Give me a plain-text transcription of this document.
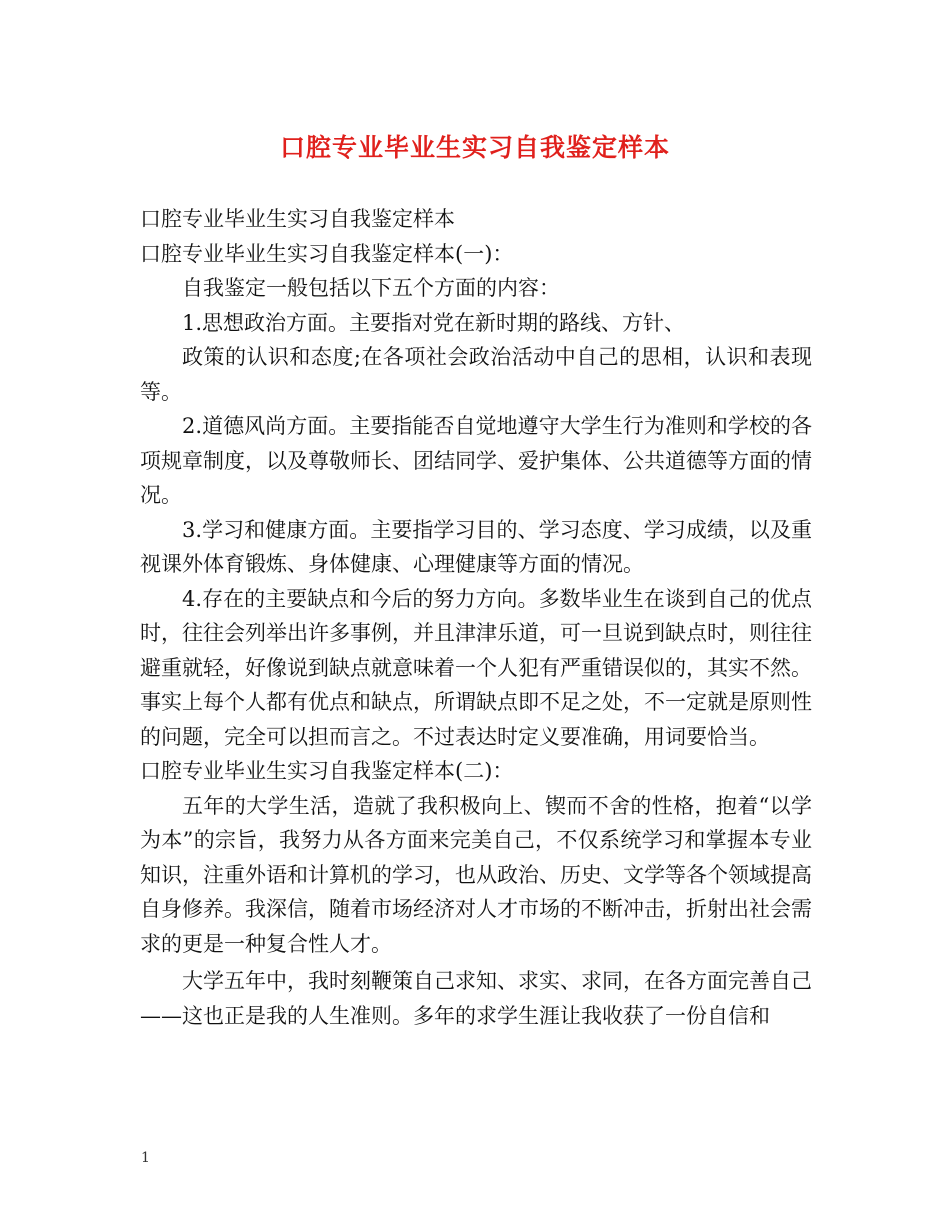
口腔专业毕业生实习自我鉴定样本

口腔专业毕业生实习自我鉴定样本

口腔专业毕业生实习自我鉴定样本(一)：

自我鉴定一般包括以下五个方面的内容：

1.思想政治方面。主要指对党在新时期的路线、方针、

政策的认识和态度;在各项社会政治活动中自己的思相，认识和表现等。

2.道德风尚方面。主要指能否自觉地遵守大学生行为准则和学校的各项规章制度，以及尊敬师长、团结同学、爱护集体、公共道德等方面的情况。

3.学习和健康方面。主要指学习目的、学习态度、学习成绩，以及重视课外体育锻炼、身体健康、心理健康等方面的情况。

4.存在的主要缺点和今后的努力方向。多数毕业生在谈到自己的优点时，往往会列举出许多事例，并且津津乐道，可一旦说到缺点时，则往往避重就轻，好像说到缺点就意味着一个人犯有严重错误似的，其实不然。事实上每个人都有优点和缺点，所谓缺点即不足之处，不一定就是原则性的问题，完全可以担而言之。不过表达时定义要准确，用词要恰当。

口腔专业毕业生实习自我鉴定样本(二)：

五年的大学生活，造就了我积极向上、锲而不舍的性格，抱着“以学为本”的宗旨，我努力从各方面来完美自己，不仅系统学习和掌握本专业知识，注重外语和计算机的学习，也从政治、历史、文学等各个领域提高自身修养。我深信，随着市场经济对人才市场的不断冲击，折射出社会需求的更是一种复合性人才。

大学五年中，我时刻鞭策自己求知、求实、求同，在各方面完善自己——这也正是我的人生准则。多年的求学生涯让我收获了一份自信和

1
